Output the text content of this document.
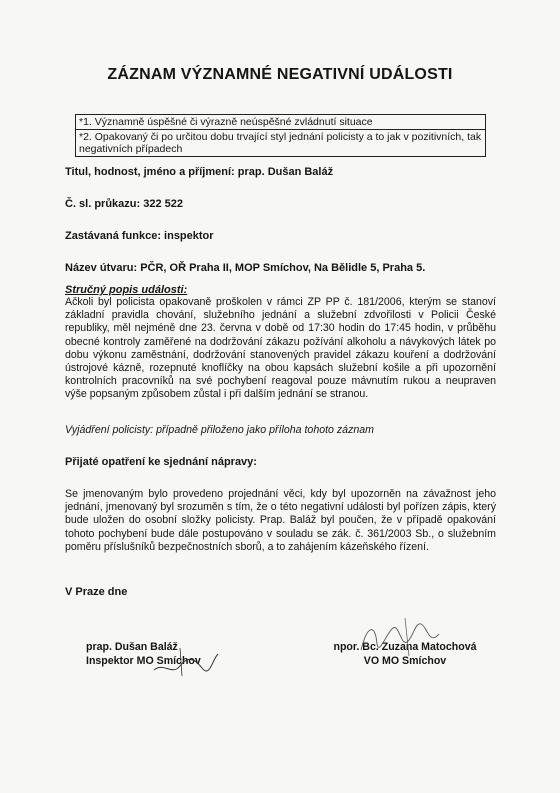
ZÁZNAM VÝZNAMNÉ NEGATIVNÍ UDÁLOSTI
*1. Významně úspěšné či výrazně neúspěšné zvládnutí situace
*2. Opakovaný či po určitou dobu trvající styl jednání policisty a to jak v pozitivních, tak negativních případech
Titul, hodnost, jméno a příjmení: prap. Dušan Baláž
Č. sl. průkazu: 322 522
Zastávaná funkce: inspektor
Název útvaru: PČR, OŘ Praha II, MOP Smíchov, Na Bělidle 5, Praha 5.
Stručný popis události:
Ačkoli byl policista opakovaně proškolen v rámci ZP PP č. 181/2006, kterým se stanoví základní pravidla chování, služebního jednání a služební zdvořilosti v Policii České republiky, měl nejméně dne 23. června v době od 17:30 hodin do 17:45 hodin, v průběhu obecné kontroly zaměřené na dodržování zákazu požívání alkoholu a návykových látek po dobu výkonu zaměstnání, dodržování stanovených pravidel zákazu kouření a dodržování ústrojové kázně, rozepnuté knoflíčky na obou kapsách služební košile a při upozornění kontrolních pracovníků na své pochybení reagoval pouze mávnutím rukou a neupraven výše popsaným způsobem zůstal i při dalším jednání se stranou.
Vyjádření policisty: případně přiloženo jako příloha tohoto záznam
Přijaté opatření ke sjednání nápravy:
Se jmenovaným bylo provedeno projednání věci, kdy byl upozorněn na závažnost jeho jednání, jmenovaný byl srozuměn s tím, že o této negativní události byl pořízen zápis, který bude uložen do osobní složky policisty. Prap. Baláž byl poučen, že v případě opakování tohoto pochybení bude dále postupováno v souladu se zák. č. 361/2003 Sb., o služebním poměru příslušníků bezpečnostních sborů, a to zahájením kázeňského řízení.
V Praze dne
prap. Dušan Baláž
Inspektor MO Smíchov
npor. Bc. Zuzana Matochová
VO MO Smíchov
